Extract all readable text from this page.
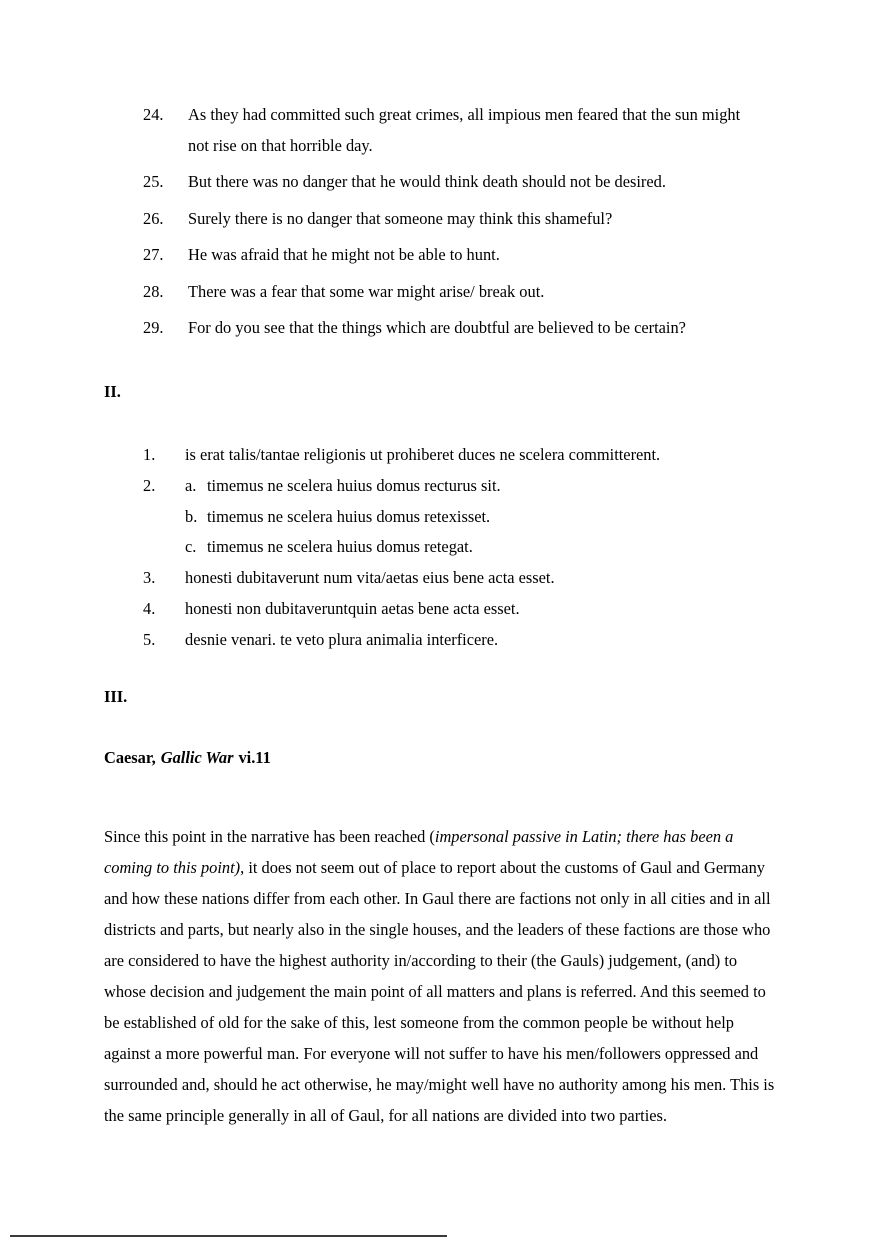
24.	As they had committed such great crimes, all impious men feared that the sun might not rise on that horrible day.
25.	But there was no danger that he would think death should not be desired.
26.	Surely there is no danger that someone may think this shameful?
27.	He was afraid that he might not be able to hunt.
28.	There was a fear that some war might arise/ break out.
29.	For do you see that the things which are doubtful are believed to be certain?
II.
1.	is erat talis/tantae religionis ut prohiberet duces ne scelera committerent.
2.	a. timemus ne scelera huius domus recturus sit.
b. timemus ne scelera huius domus retexisset.
c. timemus ne scelera huius domus retegat.
3.	honesti dubitaverunt num vita/aetas eius bene acta esset.
4.	honesti non dubitaveruntquin aetas bene acta esset.
5.	desnie venari. te veto plura animalia interficere.
III.
Caesar, Gallic War vi.11

Since this point in the narrative has been reached (impersonal passive in Latin; there has been a coming to this point), it does not seem out of place to report about the customs of Gaul and Germany and how these nations differ from each other. In Gaul there are factions not only in all cities and in all districts and parts, but nearly also in the single houses, and the leaders of these factions are those who are considered to have the highest authority in/according to their (the Gauls) judgement, (and) to whose decision and judgement the main point of all matters and plans is referred. And this seemed to be established of old for the sake of this, lest someone from the common people be without help against a more powerful man. For everyone will not suffer to have his men/followers oppressed and surrounded and, should he act otherwise, he may/might well have no authority among his men. This is the same principle generally in all of Gaul, for all nations are divided into two parties.
